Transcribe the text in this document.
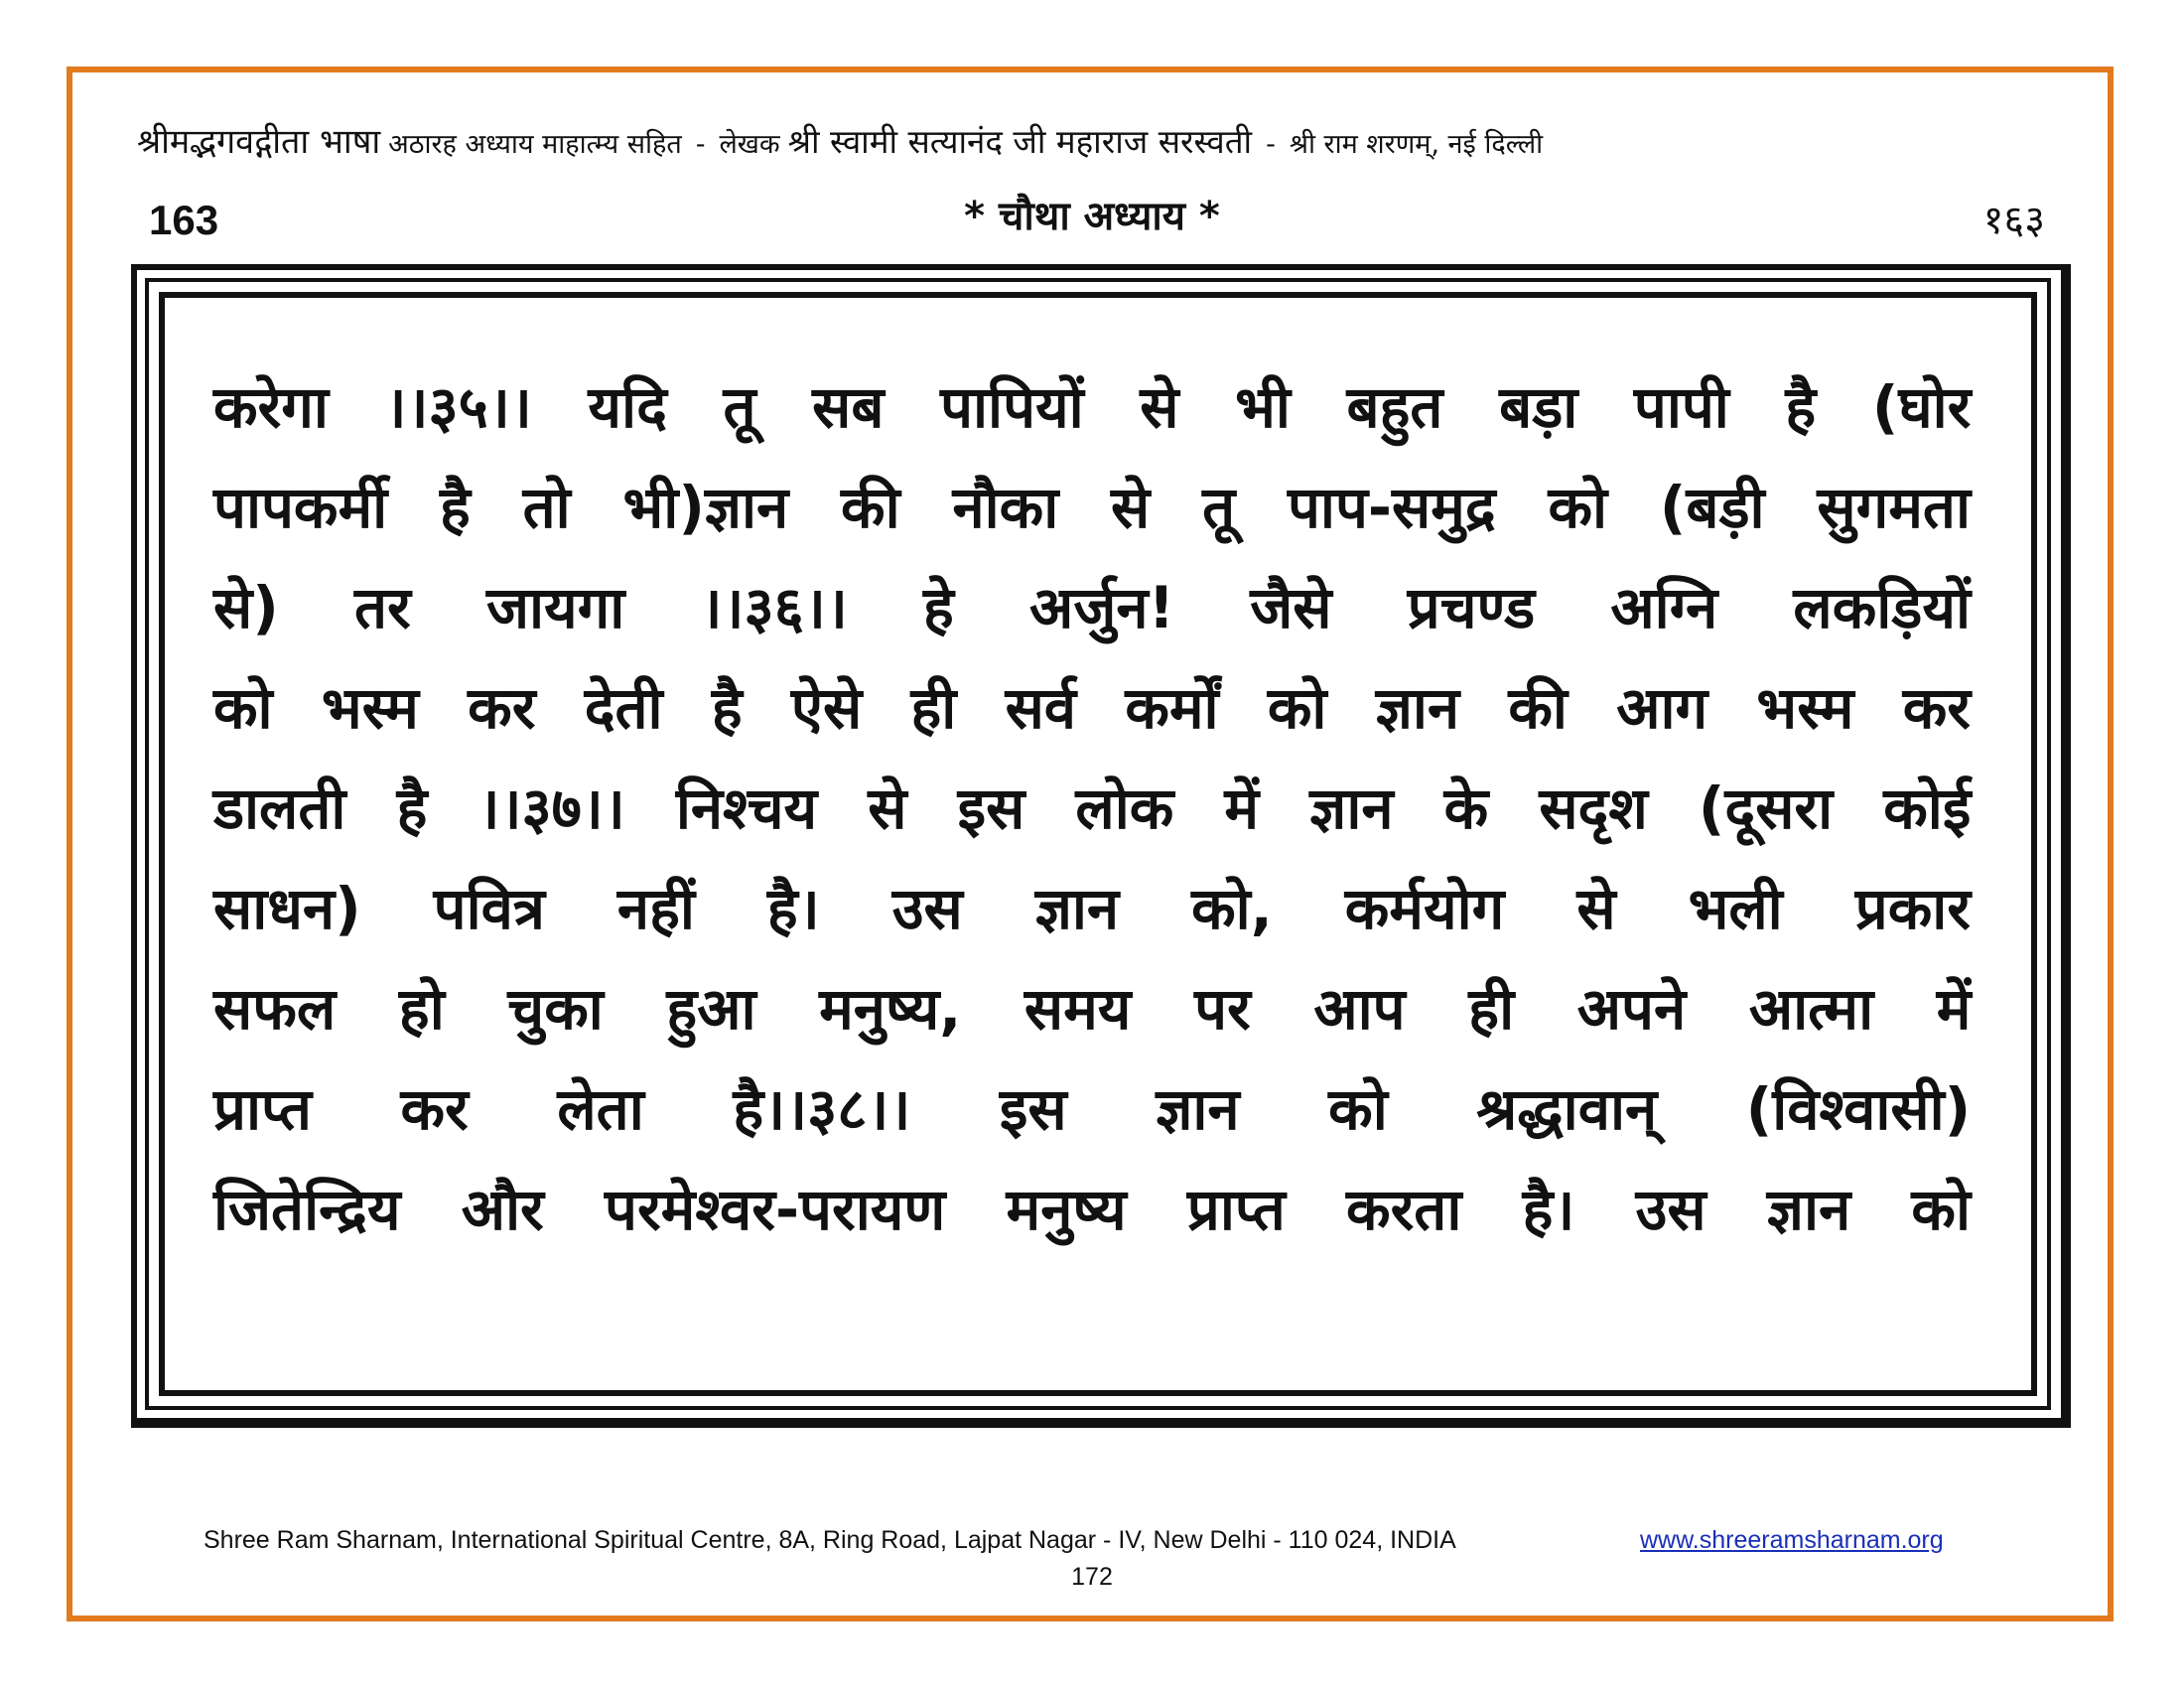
श्रीमद्भगवद्गीता भाषा अठारह अध्याय माहात्म्य सहित - लेखक श्री स्वामी सत्यानंद जी महाराज सरस्वती - श्री राम शरणम्, नई दिल्ली
163	* चौथा अध्याय *	१६३
करेगा ।।३५।। यदि तू सब पापियों से भी बहुत बड़ा पापी है (घोर
पापकर्मी है तो भी)ज्ञान की नौका से तू पाप-समुद्र को (बड़ी सुगमता
से) तर जायगा ।।३६।। हे अर्जुन! जैसे प्रचण्ड अग्नि लकड़ियों
को भस्म कर देती है ऐसे ही सर्व कर्मों को ज्ञान की आग भस्म कर
डालती है ।।३७।। निश्चय से इस लोक में ज्ञान के सदृश (दूसरा कोई
साधन) पवित्र नहीं है। उस ज्ञान को, कर्मयोग से भली प्रकार
सफल हो चुका हुआ मनुष्य, समय पर आप ही अपने आत्मा में
प्राप्त कर लेता है।।३८।। इस ज्ञान को श्रद्धावान् (विश्वासी)
जितेन्द्रिय और परमेश्वर-परायण मनुष्य प्राप्त करता है। उस ज्ञान को
Shree Ram Sharnam, International Spiritual Centre, 8A, Ring Road, Lajpat Nagar - IV, New Delhi - 110 024, INDIA	www.shreeramsharnam.org
172
